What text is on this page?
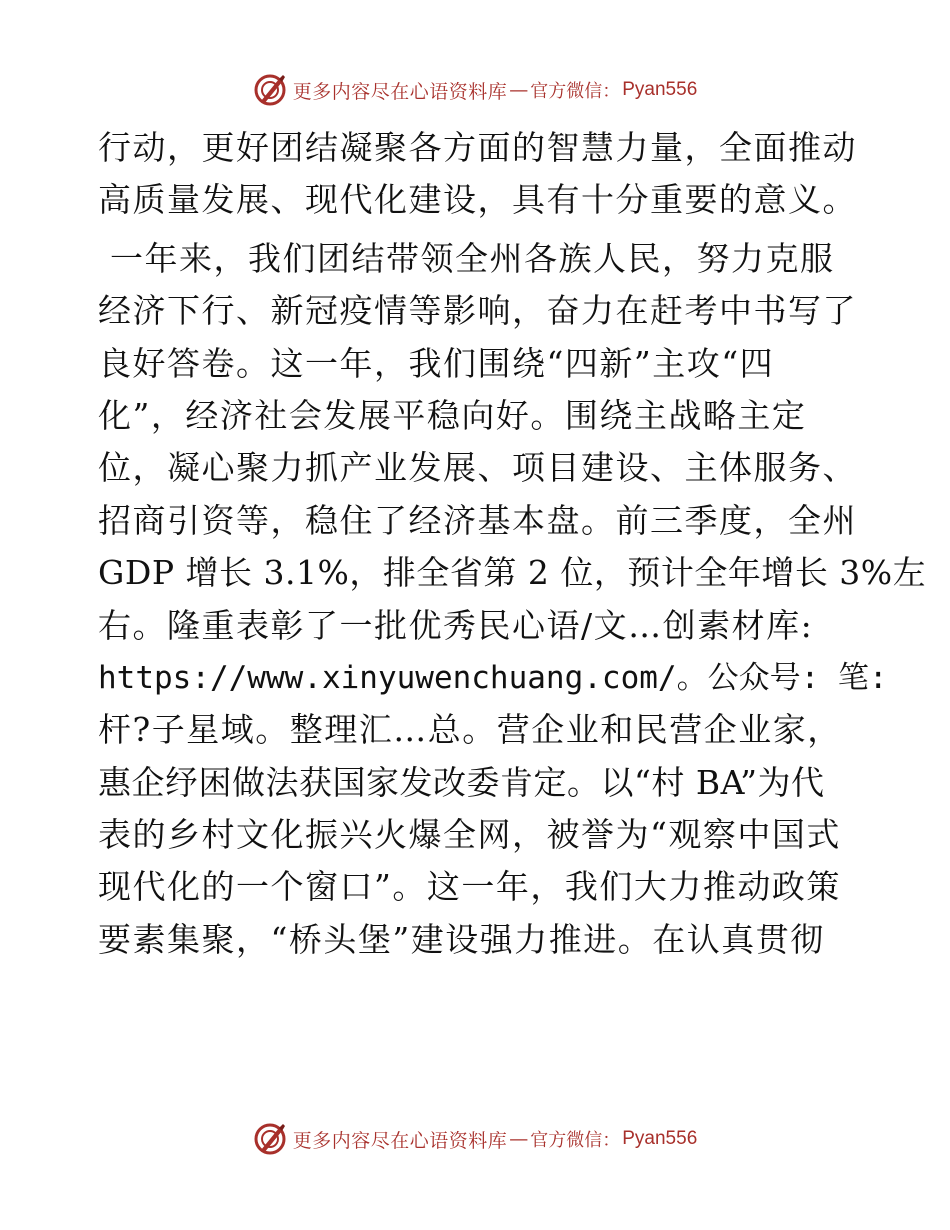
更多内容尽在心语资料库 — 官方微信： Pyan556
行动，更好团结凝聚各方面的智慧力量，全面推动
高质量发展、现代化建设，具有十分重要的意义。
一年来，我们团结带领全州各族人民，努力克服
经济下行、新冠疫情等影响，奋力在赶考中书写了
良好答卷。这一年，我们围绕“四新”主攻“四
化”，经济社会发展平稳向好。围绕主战略主定
位，凝心聚力抓产业发展、项目建设、主体服务、
招商引资等，稳住了经济基本盘。前三季度，全州
GDP 增长 3.1%，排全省第 2 位，预计全年增长 3%左
右。隆重表彰了一批优秀民心语/文…创素材库:
https://www.xinyuwenchuang.com/。公众号: 笔:
杆?子星域。整理汇…总。营企业和民营企业家，
惠企纾困做法获国家发改委肯定。以“村 BA”为代
表的乡村文化振兴火爆全网，被誉为“观察中国式
现代化的一个窗口”。这一年，我们大力推动政策
要素集聚，“桥头堡”建设强力推进。在认真贯彻
更多内容尽在心语资料库 — 官方微信： Pyan556
